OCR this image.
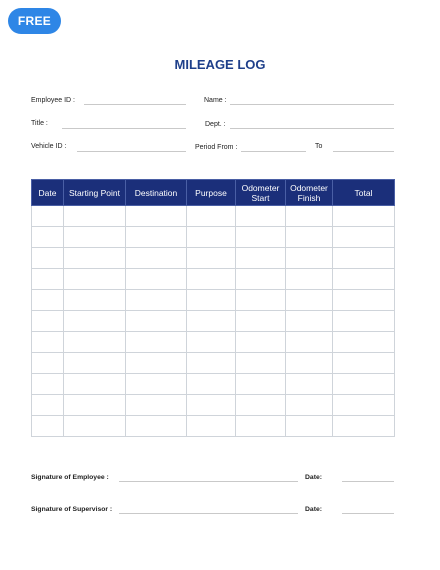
FREE
MILEAGE LOG
Employee ID :	Name :
Title :	Dept. :
Vehicle ID :	Period From :	To
Date	Starting Point	Destination	Purpose	Odometer Start	Odometer Finish	Total

Signature of Employee :	Date:
Signature of Supervisor :	Date:
